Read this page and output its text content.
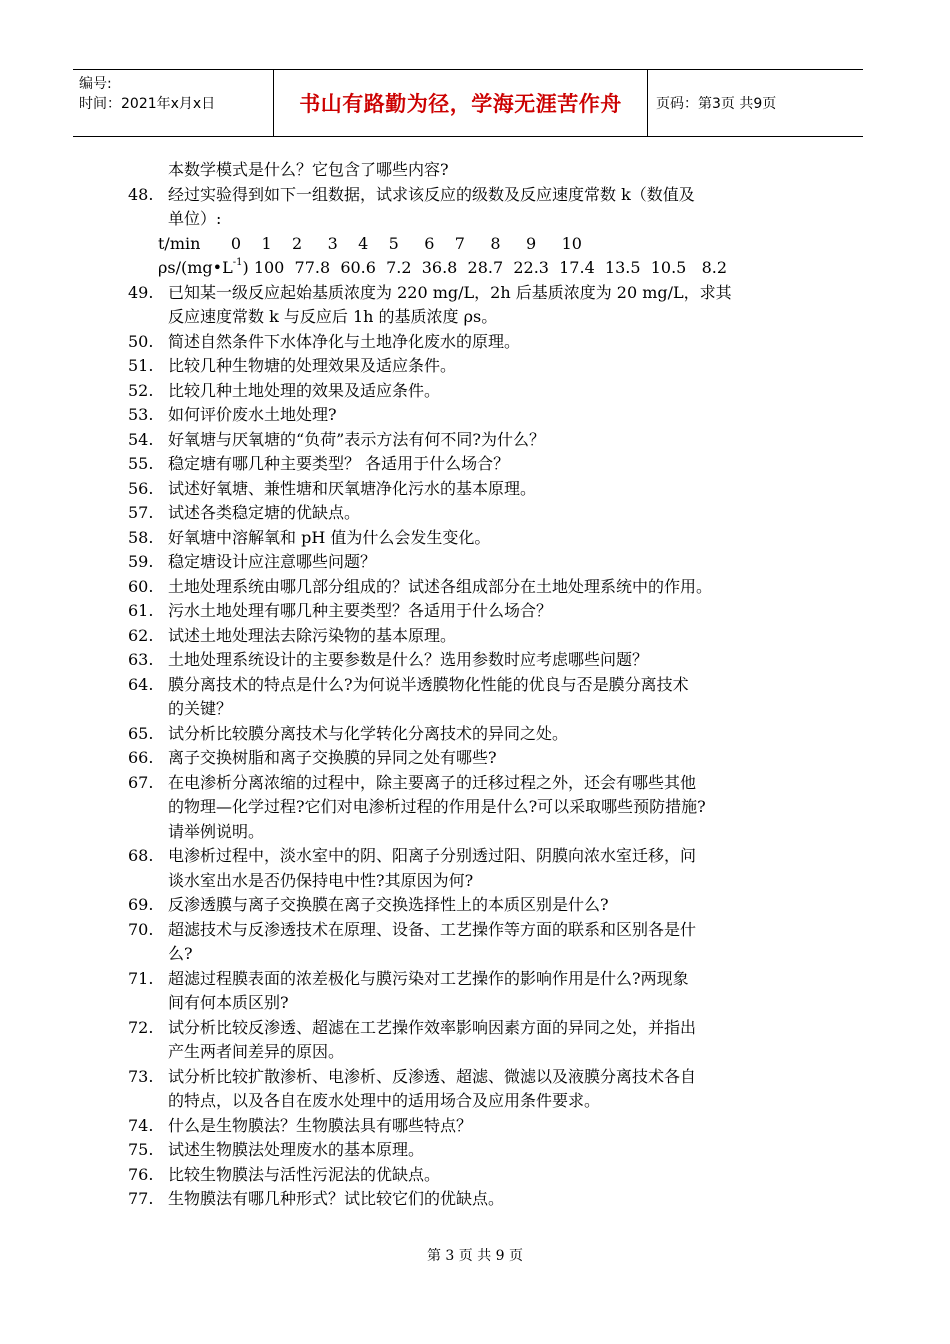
编号:
时间：2021年x月x日	书山有路勤为径，学海无涯苦作舟	页码：第3页 共9页
本数学模式是什么？它包含了哪些内容?
48. 经过实验得到如下一组数据，试求该反应的级数及反应速度常数 k（数值及
单位）:
t/min      0    1    2     3    4    5     6    7     8     9     10
$\rho s/(mg•L^{-1})$ 100  77.8  60.6  7.2  36.8  28.7  22.3  17.4  13.5  10.5   8.2
49. 已知某一级反应起始基质浓度为 220 mg/L，2h 后基质浓度为 20 mg/L，求其
反应速度常数 k 与反应后 1h 的基质浓度 ρs。
50. 简述自然条件下水体净化与土地净化废水的原理。
51. 比较几种生物塘的处理效果及适应条件。
52. 比较几种土地处理的效果及适应条件。
53. 如何评价废水土地处理?
54. 好氧塘与厌氧塘的“负荷”表示方法有何不同?为什么？
55. 稳定塘有哪几种主要类型？ 各适用于什么场合？
56. 试述好氧塘、兼性塘和厌氧塘净化污水的基本原理。
57. 试述各类稳定塘的优缺点。
58. 好氧塘中溶解氧和 pH 值为什么会发生变化。
59. 稳定塘设计应注意哪些问题？
60. 土地处理系统由哪几部分组成的？试述各组成部分在土地处理系统中的作用。
61. 污水土地处理有哪几种主要类型？各适用于什么场合？
62. 试述土地处理法去除污染物的基本原理。
63. 土地处理系统设计的主要参数是什么？选用参数时应考虑哪些问题？
64. 膜分离技术的特点是什么?为何说半透膜物化性能的优良与否是膜分离技术
的关键？
65. 试分析比较膜分离技术与化学转化分离技术的异同之处。
66. 离子交换树脂和离子交换膜的异同之处有哪些?
67. 在电渗析分离浓缩的过程中，除主要离子的迁移过程之外，还会有哪些其他
的物理—化学过程?它们对电渗析过程的作用是什么?可以采取哪些预防措施?
请举例说明。
68. 电渗析过程中，淡水室中的阴、阳离子分别透过阳、阴膜向浓水室迁移，问
谈水室出水是否仍保持电中性?其原因为何?
69. 反渗透膜与离子交换膜在离子交换选择性上的本质区别是什么?
70. 超滤技术与反渗透技术在原理、设备、工艺操作等方面的联系和区别各是什
么?
71. 超滤过程膜表面的浓差极化与膜污染对工艺操作的影响作用是什么?两现象
间有何本质区别?
72. 试分析比较反渗透、超滤在工艺操作效率影响因素方面的异同之处，并指出
产生两者间差异的原因。
73. 试分析比较扩散渗析、电渗析、反渗透、超滤、微滤以及液膜分离技术各自
的特点，以及各自在废水处理中的适用场合及应用条件要求。
74. 什么是生物膜法？生物膜法具有哪些特点？
75. 试述生物膜法处理废水的基本原理。
76. 比较生物膜法与活性污泥法的优缺点。
77. 生物膜法有哪几种形式？试比较它们的优缺点。
第 3 页 共 9 页
